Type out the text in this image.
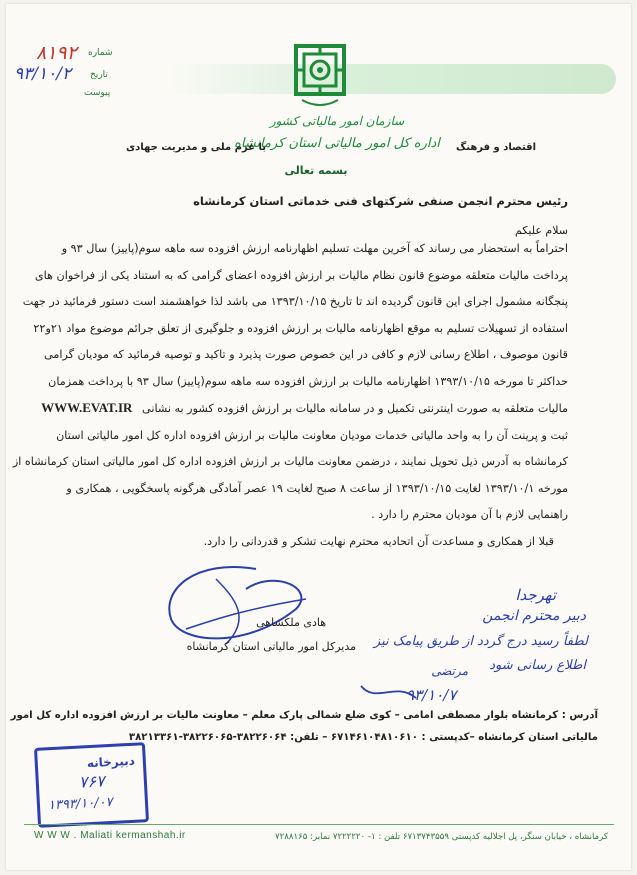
۸۱۹۲ شماره
۹۳/۱۰/۲ تاریخ
پیوست
سازمان امور مالیاتی کشور
اداره کل امور مالیاتی استان کرمانشاه	اقتصاد و فرهنگ
با عزم ملی و مدیریت جهادی
بسمه تعالی
رئیس محترم انجمن صنفی شرکتهای فنی خدماتی استان کرمانشاه
سلام علیکم

احتراماً به استحضار می رساند که آخرین مهلت تسلیم اظهارنامه ارزش افزوده سه ماهه سوم(پاییز) سال ۹۳ و

پرداخت مالیات متعلقه موضوع قانون نظام مالیات بر ارزش افزوده اعضای گرامی که به استناد یکی از فراخوان های

پنجگانه مشمول اجرای این قانون گردیده اند تا تاریخ ۱۳۹۳/۱۰/۱۵ می باشد لذا خواهشمند است دستور فرمائید در جهت

استفاده از تسهیلات تسلیم به موقع اظهارنامه مالیات بر ارزش افزوده و جلوگیری از تعلق جرائم موضوع مواد ۲۱و۲۲

قانون موصوف ، اطلاع رسانی لازم و کافی در این خصوص صورت پذیرد و تاکید و توصیه فرمائید که مودیان گرامی

حداکثر تا مورخه ۱۳۹۳/۱۰/۱۵ اظهارنامه مالیات بر ارزش افزوده سه ماهه سوم(پاییز) سال ۹۳ با پرداخت همزمان

مالیات متعلقه به صورت اینترنتی تکمیل و در سامانه مالیات بر ارزش افزوده کشور به نشانی WWW.EVAT.IR

ثبت و پرینت آن را به واحد مالیاتی خدمات مودیان معاونت مالیات بر ارزش افزوده اداره کل امور مالیاتی استان

کرمانشاه به آدرس ذیل تحویل نمایند ، درضمن معاونت مالیات بر ارزش افزوده اداره کل امور مالیاتی استان کرمانشاه از

مورخه ۱۳۹۳/۱۰/۱ لغایت ۱۳۹۳/۱۰/۱۵ از ساعت ۸ صبح لغایت ۱۹ عصر آمادگی هرگونه پاسخگویی ، همکاری و

راهنمایی لازم با آن مودیان محترم را دارد .

قبلا از همکاری و مساعدت آن اتحادیه محترم نهایت تشکر و قدردانی را دارد.

هادی ملکشاهی
مدیرکل امور مالیاتی استان کرمانشاه
تهرجدا
دبیر محترم انجمن
لطفاً رسید درج گردد از طریق پیامک نیز
اطلاع رسانی شود
مرتضی
۹۳/۱۰/۷
آدرس : کرمانشاه بلوار مصطفی امامی – کوی ضلع شمالی پارک معلم – معاونت مالیات بر ارزش افزوده اداره کل امور
مالیاتی استان کرمانشاه –کدپستی : ۶۷۱۴۶۱۰۴۸۱۰۶۱۰ – تلفن: ۳۸۲۲۶۰۶۴-۳۸۲۲۶۰۶۵-۳۸۲۱۳۳۶۱
دبیرخانه
۷۶۷
۱۳۹۳/۱۰/۰۷
W W W . Maliati kermanshah.ir	کرمانشاه ، خیابان سنگر، پل اجلالیه کدپستی ۶۷۱۳۷۴۳۵۵۹ تلفن : ۱- ۷۲۲۲۲۲۰ نمابر: ۷۲۸۸۱۶۵
